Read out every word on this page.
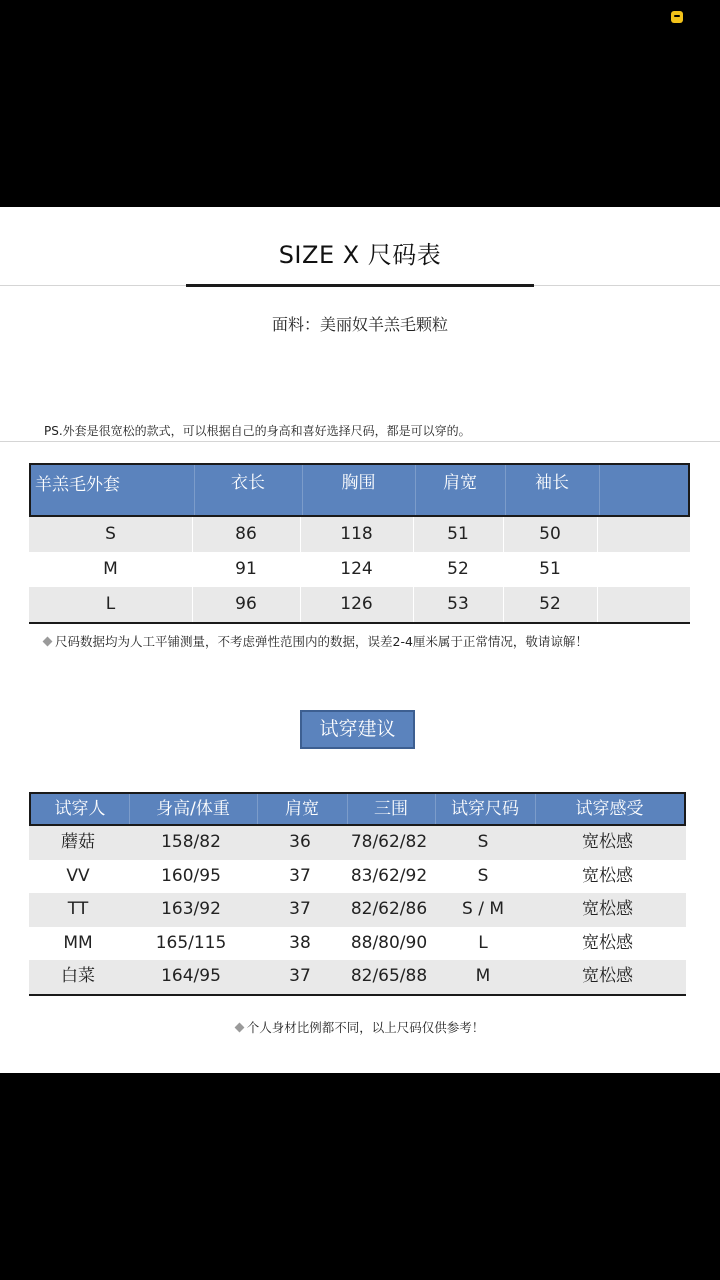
SIZE X 尺码表
面料：美丽奴羊羔毛颗粒
PS.外套是很宽松的款式，可以根据自己的身高和喜好选择尺码，都是可以穿的。
羊羔毛外套	衣长	胸围	肩宽	袖长
S	86	118	51	50
M	91	124	52	51
L	96	126	53	52
尺码数据均为人工平铺测量，不考虑弹性范围内的数据，误差2-4厘米属于正常情况，敬请谅解！
试穿建议
试穿人	身高/体重	肩宽	三围	试穿尺码	试穿感受
蘑菇	158/82	36	78/62/82	S	宽松感
VV	160/95	37	83/62/92	S	宽松感
TT	163/92	37	82/62/86	S / M	宽松感
MM	165/115	38	88/80/90	L	宽松感
白菜	164/95	37	82/65/88	M	宽松感
个人身材比例都不同，以上尺码仅供参考！
